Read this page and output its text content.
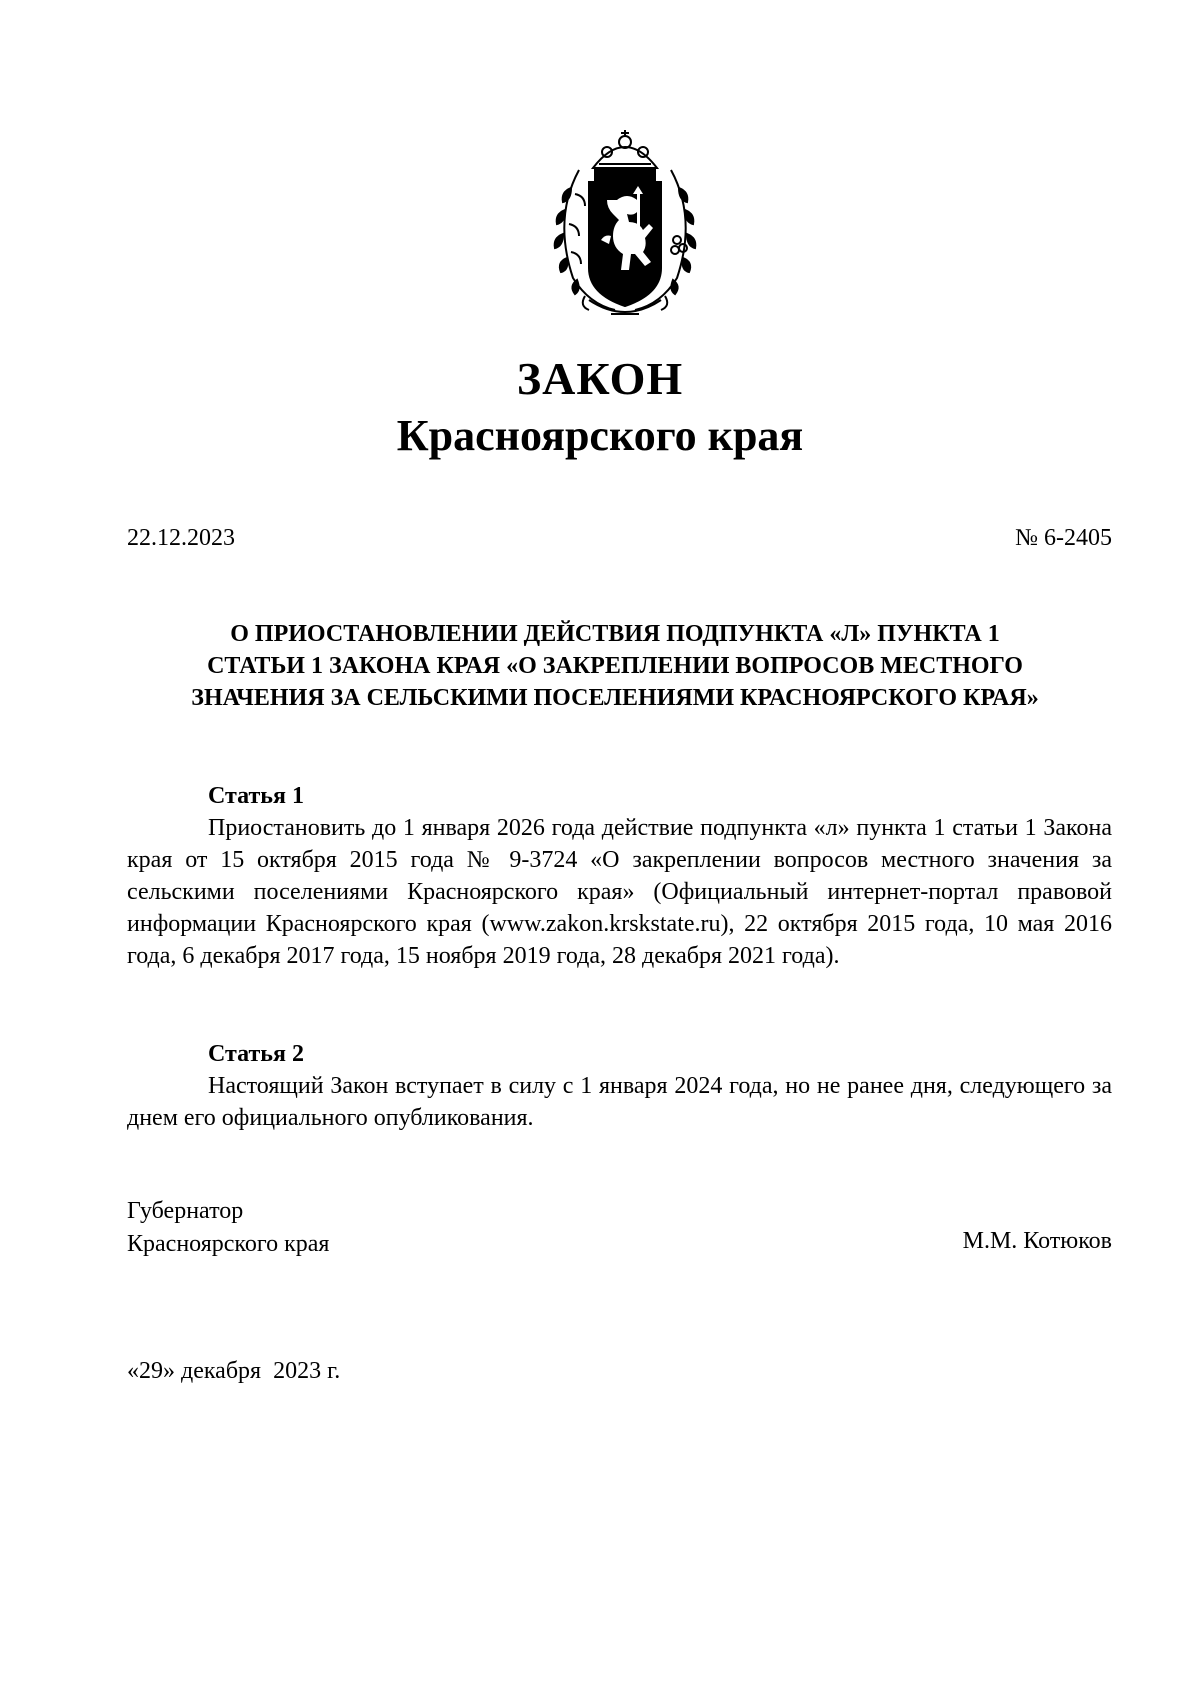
ЗАКОН
Красноярского края
22.12.2023	№ 6-2405
О ПРИОСТАНОВЛЕНИИ ДЕЙСТВИЯ ПОДПУНКТА «Л» ПУНКТА 1
СТАТЬИ 1 ЗАКОНА КРАЯ «О ЗАКРЕПЛЕНИИ ВОПРОСОВ МЕСТНОГО
ЗНАЧЕНИЯ ЗА СЕЛЬСКИМИ ПОСЕЛЕНИЯМИ КРАСНОЯРСКОГО КРАЯ»
Статья 1

Приостановить до 1 января 2026 года действие подпункта «л» пункта 1 статьи 1 Закона края от 15 октября 2015 года № 9-3724 «О закреплении вопросов местного значения за сельскими поселениями Красноярского края» (Официальный интернет-портал правовой информации Красноярского края (www.zakon.krskstate.ru), 22 октября 2015 года, 10 мая 2016 года, 6 декабря 2017 года, 15 ноября 2019 года, 28 декабря 2021 года).

Статья 2

Настоящий Закон вступает в силу с 1 января 2024 года, но не ранее дня, следующего за днем его официального опубликования.

Губернатор
Красноярского края	М.М. Котюков
«29» декабря  2023 г.
